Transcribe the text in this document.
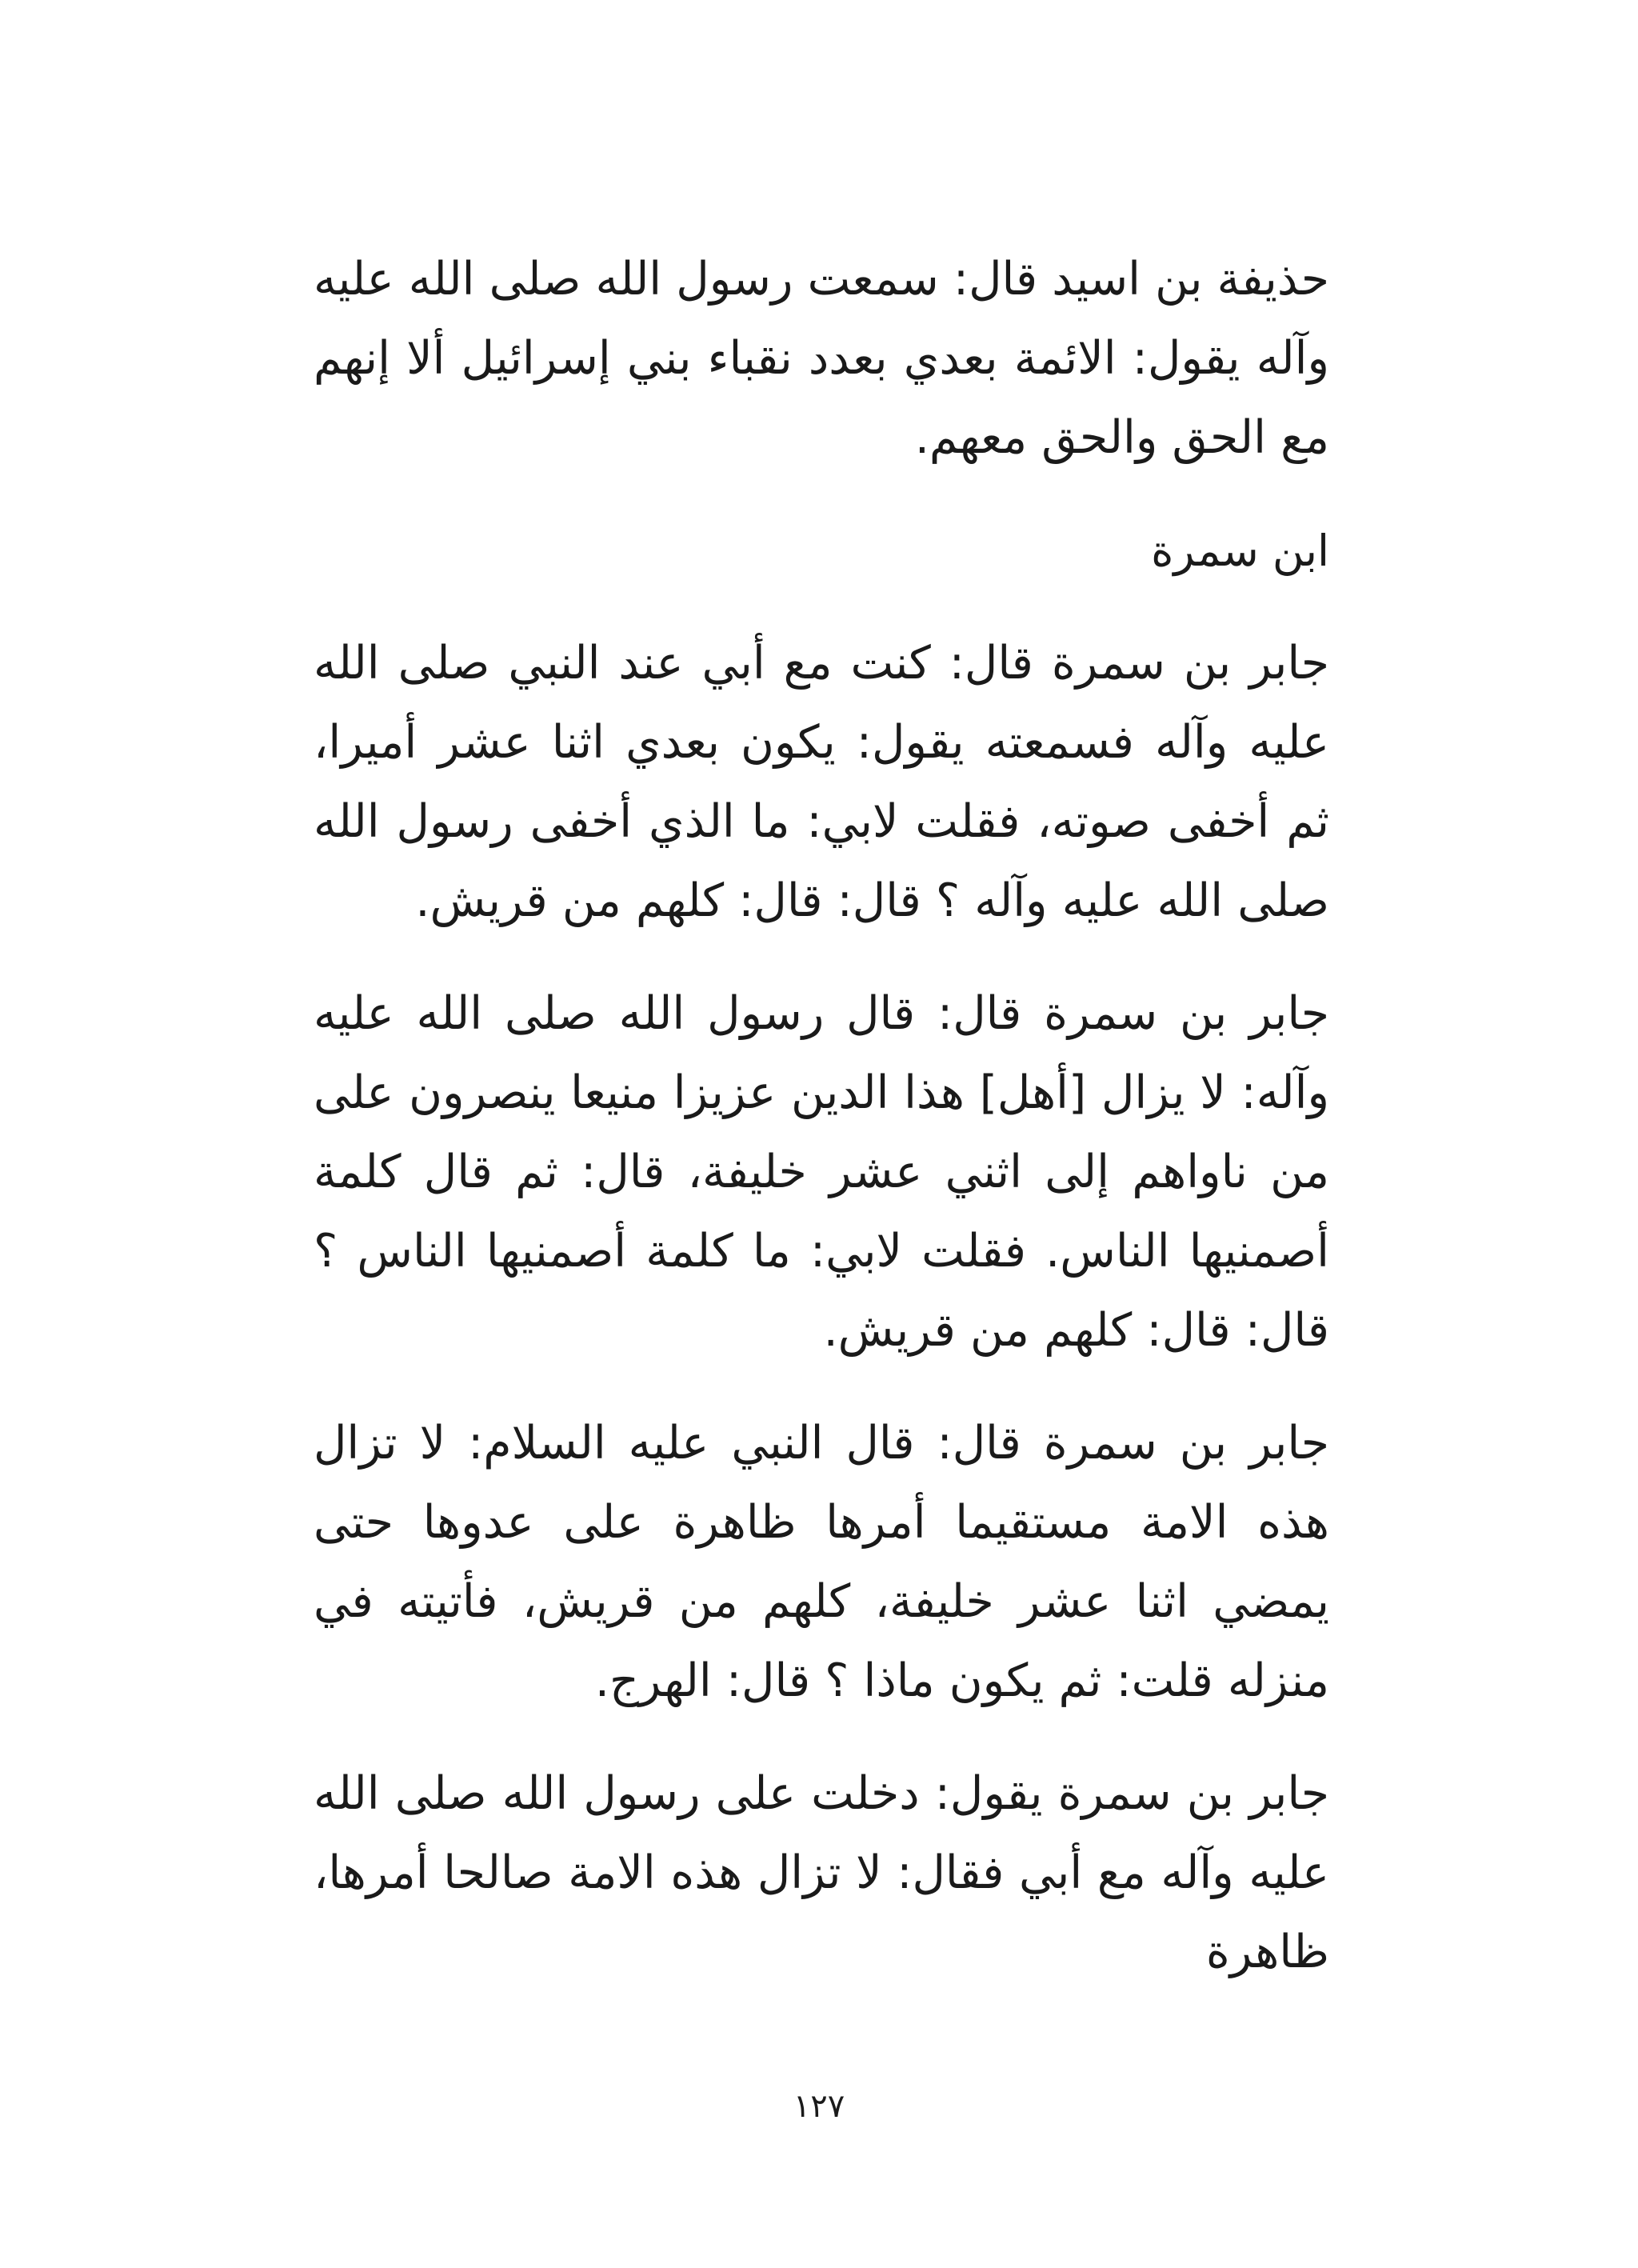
حذيفة بن اسيد قال: سمعت رسول الله صلى الله عليه وآله يقول: الائمة بعدي بعدد نقباء بني إسرائيل ألا إنهم مع الحق والحق معهم.

ابن سمرة

جابر بن سمرة قال: كنت مع أبي عند النبي صلى الله عليه وآله فسمعته يقول: يكون بعدي اثنا عشر أميرا، ثم أخفى صوته، فقلت لابي: ما الذي أخفى رسول الله صلى الله عليه وآله ؟ قال: قال: كلهم من قريش.

جابر بن سمرة قال: قال رسول الله صلى الله عليه وآله: لا يزال [أهل] هذا الدين عزيزا منيعا ينصرون على من ناواهم إلى اثني عشر خليفة، قال: ثم قال كلمة أصمنيها الناس. فقلت لابي: ما كلمة أصمنيها الناس ؟ قال: قال: كلهم من قريش.

جابر بن سمرة قال: قال النبي عليه السلام: لا تزال هذه الامة مستقيما أمرها ظاهرة على عدوها حتى يمضي اثنا عشر خليفة، كلهم من قريش، فأتيته في منزله قلت: ثم يكون ماذا ؟ قال: الهرج.

جابر بن سمرة يقول: دخلت على رسول الله صلى الله عليه وآله مع أبي فقال: لا تزال هذه الامة صالحا أمرها، ظاهرة

١٢٧
